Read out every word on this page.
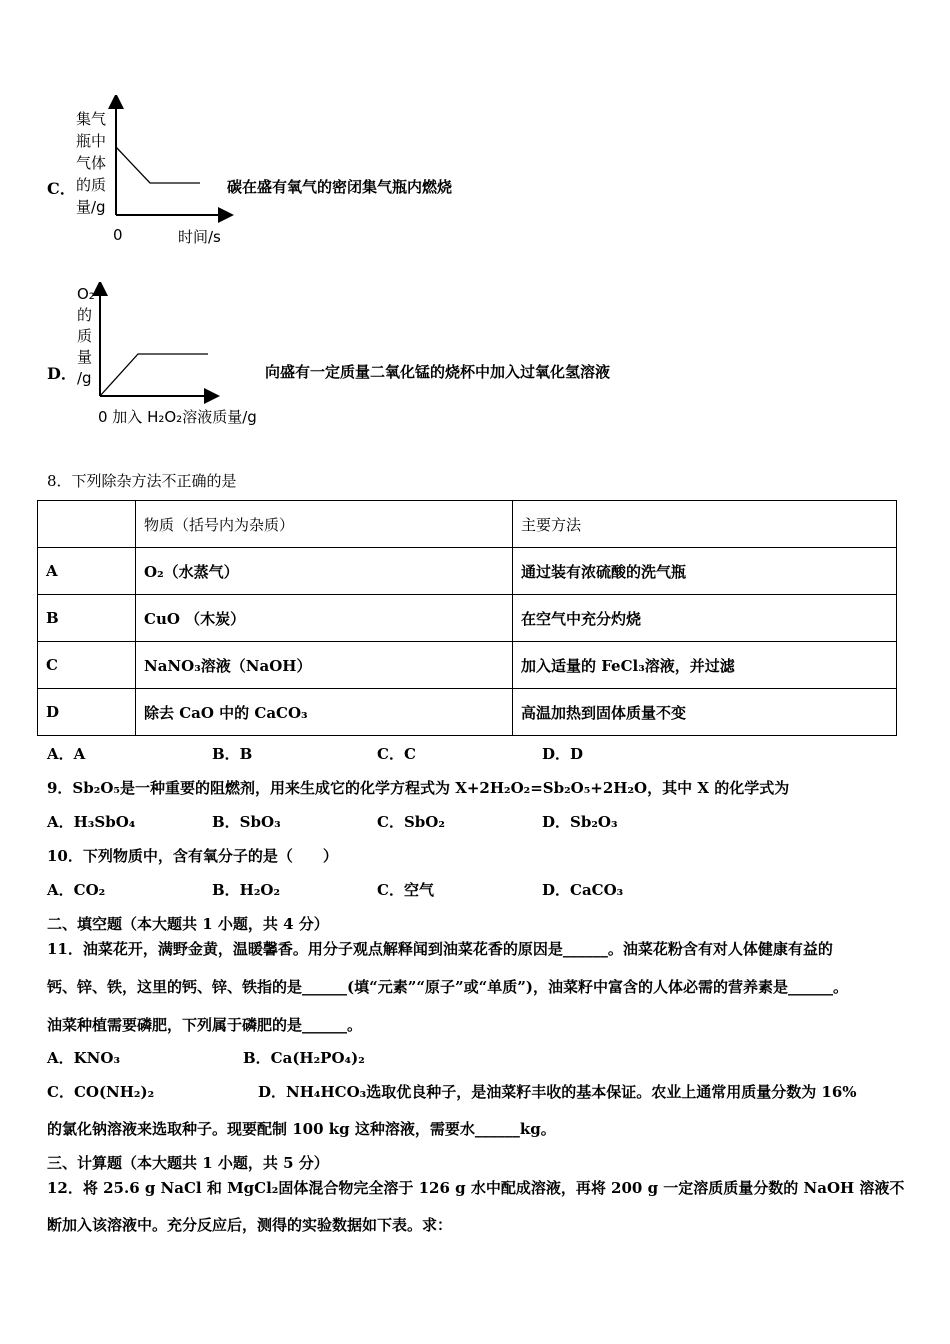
C．
集气
瓶中
气体
的质
量/g
0	时间/s
碳在盛有氧气的密闭集气瓶内燃烧
D．
O₂
的
质
量
/g
0 加入 H₂O₂溶液质量/g
向盛有一定质量二氧化锰的烧杯中加入过氧化氢溶液
8．下列除杂方法不正确的是
	物质（括号内为杂质）	主要方法
A	O₂（水蒸气）	通过装有浓硫酸的洗气瓶
B	CuO （木炭）	在空气中充分灼烧
C	NaNO₃溶液（NaOH）	加入适量的 FeCl₃溶液，并过滤
D	除去 CaO 中的 CaCO₃	高温加热到固体质量不变
A．A	B．B	C．C	D．D
9．Sb₂O₅是一种重要的阻燃剂，用来生成它的化学方程式为 X+2H₂O₂=Sb₂O₅+2H₂O，其中 X 的化学式为
A．H₃SbO₄	B．SbO₃	C．SbO₂	D．Sb₂O₃
10．下列物质中，含有氧分子的是（　　）
A．CO₂	B．H₂O₂	C．空气	D．CaCO₃
二、填空题（本大题共 1 小题，共 4 分）
11．油菜花开，满野金黄，温暖馨香。用分子观点解释闻到油菜花香的原因是______。油菜花粉含有对人体健康有益的
钙、锌、铁，这里的钙、锌、铁指的是______(填“元素”“原子”或“单质”)，油菜籽中富含的人体必需的营养素是______。
油菜种植需要磷肥，下列属于磷肥的是______。
A．KNO₃	B．Ca(H₂PO₄)₂
C．CO(NH₂)₂	D．NH₄HCO₃选取优良种子，是油菜籽丰收的基本保证。农业上通常用质量分数为 16%
的氯化钠溶液来选取种子。现要配制 100 kg 这种溶液，需要水______kg。
三、计算题（本大题共 1 小题，共 5 分）
12．将 25.6 g NaCl 和 MgCl₂固体混合物完全溶于 126 g 水中配成溶液，再将 200 g 一定溶质质量分数的 NaOH 溶液不
断加入该溶液中。充分反应后，测得的实验数据如下表。求：
